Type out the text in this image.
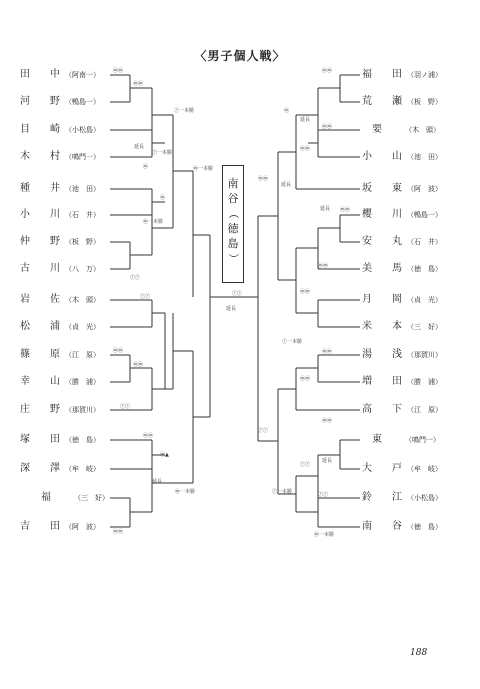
〈男子個人戦〉
南
谷
（
徳
島
）
田　中（阿南一）
河　野（鴨島一）
目　崎（小松島）
木　村（鳴門一）
種　井（池　田）
小　川（石　井）
仲　野（板　野）
古　川（八　万）
岩　佐（木　頭）
松　浦（貞　光）
篠　原（江　原）
幸　山（勝　浦）
庄　野（那賀川）
塚　田（徳　島）
深　澤（牟　岐）
福	（三　好）
吉　田（阿　波）
福　田（羽ノ浦）
荒　瀬（板　野）
要	（木　頭）
小　山（池　田）
坂　東（阿　波）
櫻　川（鴨島一）
安　丸（石　井）
美　馬（徳　島）
月　岡（貞　光）
米　本（三　好）
湯　浅（那賀川）
増　田（勝　浦）
高　下（江　原）
東	（鳴門一）
大　戸（牟　岐）
鈴　江（小松島）
南　谷（徳　島）
ⓜⓜ
ⓜⓜ
ⓨ一本勝
延長
ⓨ一本勝
ⓜ	ⓜ一本勝
ⓜ
ⓜ一本勝
ⓨⓨ
ⓨⓨ
ⓜⓜ
ⓜⓜ
ⓨⓨ
ⓜ▲
延長
ⓜ一本勝
ⓜⓜ
ⓜⓜ
ⓜⓜ
ⓜ
延長
ⓜⓜ
ⓜⓜ
ⓜⓜ
延長
延長 ⓜⓜ
ⓜⓜ
ⓜⓜ
ⓨ一本勝
ⓜⓜ
ⓜⓜ
ⓜⓜ
ⓨⓨ
延長
ⓨⓨ
ⓨ一本勝
ⓜ一本勝
ⓨⓨ
延長
ⓨⓨ
188
